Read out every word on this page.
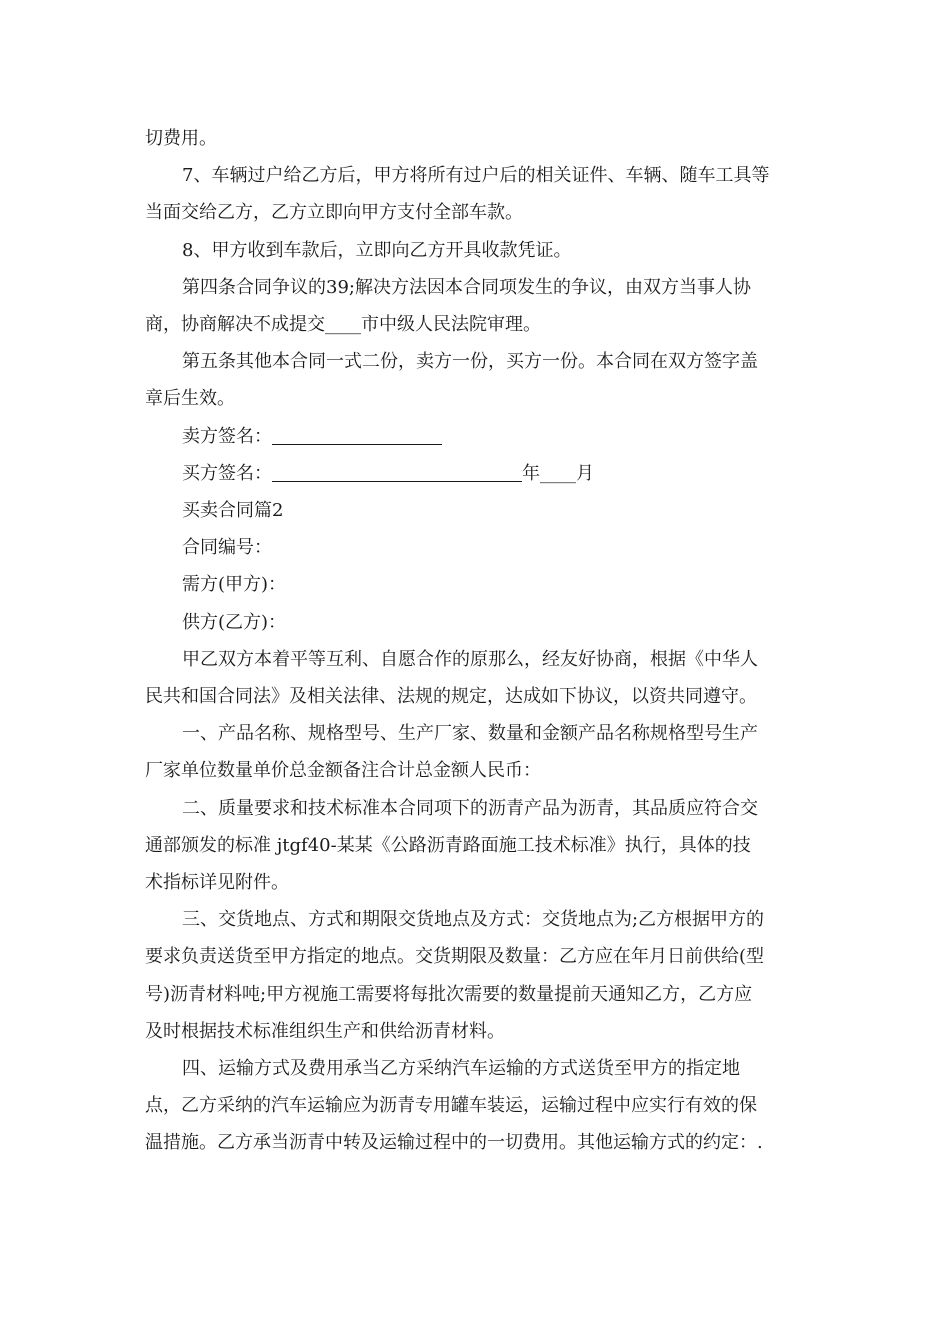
切费用。

7、车辆过户给乙方后，甲方将所有过户后的相关证件、车辆、随车工具等

当面交给乙方，乙方立即向甲方支付全部车款。

8、甲方收到车款后，立即向乙方开具收款凭证。

第四条合同争议的39;解决方法因本合同项发生的争议，由双方当事人协

商，协商解决不成提交____市中级人民法院审理。

第五条其他本合同一式二份，卖方一份，买方一份。本合同在双方签字盖

章后生效。

卖方签名：

买方签名：	年____月

买卖合同篇2

合同编号：

需方(甲方)：

供方(乙方)：

甲乙双方本着平等互利、自愿合作的原那么，经友好协商，根据《中华人

民共和国合同法》及相关法律、法规的规定，达成如下协议，以资共同遵守。

一、产品名称、规格型号、生产厂家、数量和金额产品名称规格型号生产

厂家单位数量单价总金额备注合计总金额人民币：

二、质量要求和技术标准本合同项下的沥青产品为沥青，其品质应符合交

通部颁发的标准 jtgf40-某某《公路沥青路面施工技术标准》执行，具体的技

术指标详见附件。

三、交货地点、方式和期限交货地点及方式：交货地点为;乙方根据甲方的

要求负责送货至甲方指定的地点。交货期限及数量：乙方应在年月日前供给(型

号)沥青材料吨;甲方视施工需要将每批次需要的数量提前天通知乙方，乙方应

及时根据技术标准组织生产和供给沥青材料。

四、运输方式及费用承当乙方采纳汽车运输的方式送货至甲方的指定地

点，乙方采纳的汽车运输应为沥青专用罐车装运，运输过程中应实行有效的保

温措施。乙方承当沥青中转及运输过程中的一切费用。其他运输方式的约定：.
